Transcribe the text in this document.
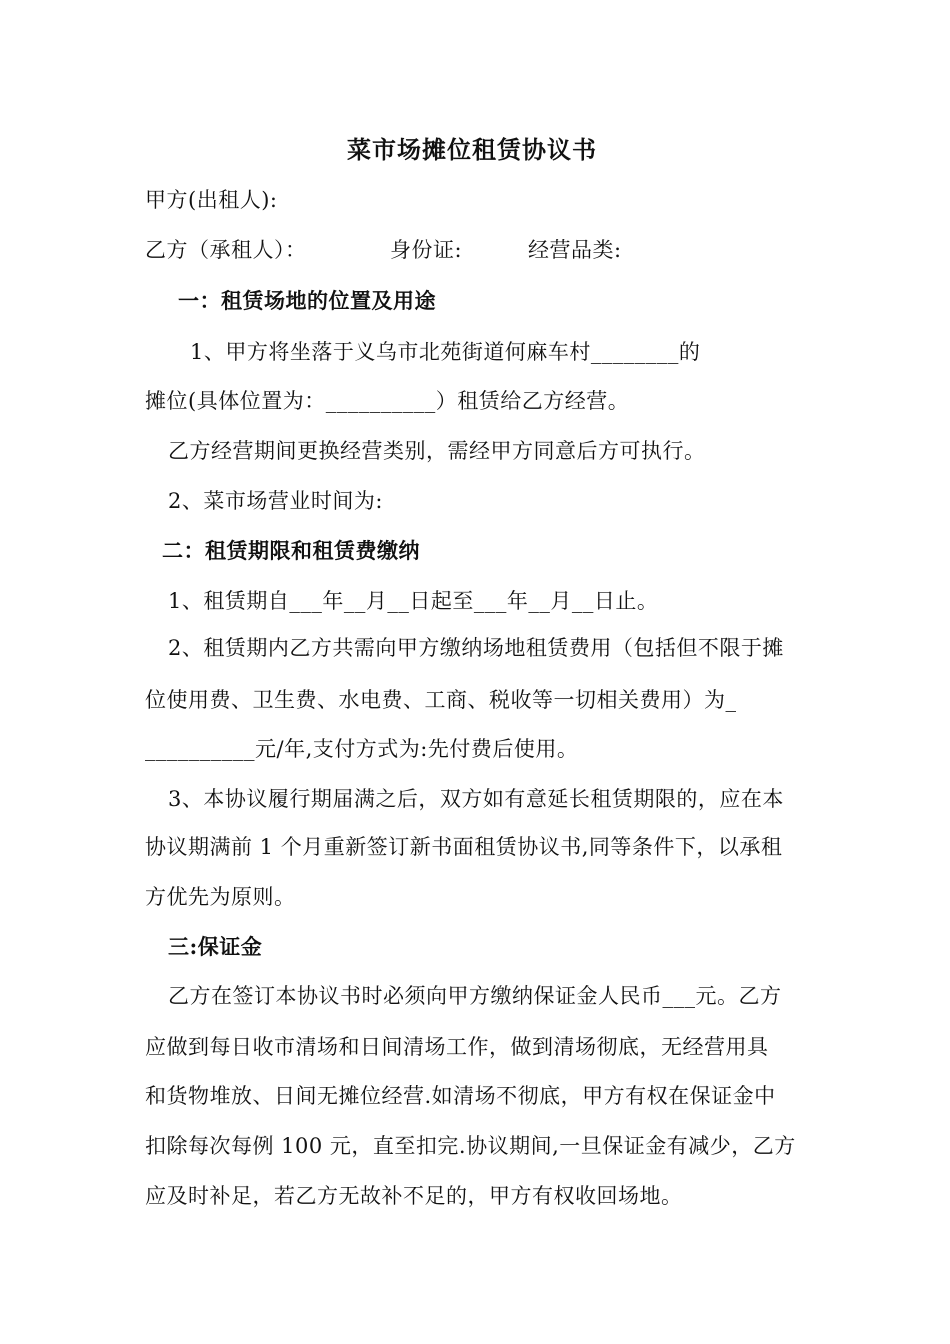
菜市场摊位租赁协议书
甲方(出租人):
乙方（承租人）：	身份证:	经营品类:
一：租赁场地的位置及用途
1、甲方将坐落于义乌市北苑街道何麻车村________的
摊位(具体位置为：__________）租赁给乙方经营。
乙方经营期间更换经营类别，需经甲方同意后方可执行。
2、菜市场营业时间为:
二：租赁期限和租赁费缴纳
1、租赁期自___年__月__日起至___年__月__日止。
2、租赁期内乙方共需向甲方缴纳场地租赁费用（包括但不限于摊
位使用费、卫生费、水电费、工商、税收等一切相关费用）为_
__________元/年,支付方式为:先付费后使用。
3、本协议履行期届满之后，双方如有意延长租赁期限的，应在本
协议期满前 1 个月重新签订新书面租赁协议书,同等条件下，以承租
方优先为原则。
三:保证金
乙方在签订本协议书时必须向甲方缴纳保证金人民币___元。乙方
应做到每日收市清场和日间清场工作，做到清场彻底，无经营用具
和货物堆放、日间无摊位经营.如清场不彻底，甲方有权在保证金中
扣除每次每例 100 元，直至扣完.协议期间,一旦保证金有减少，乙方
应及时补足，若乙方无故补不足的，甲方有权收回场地。
